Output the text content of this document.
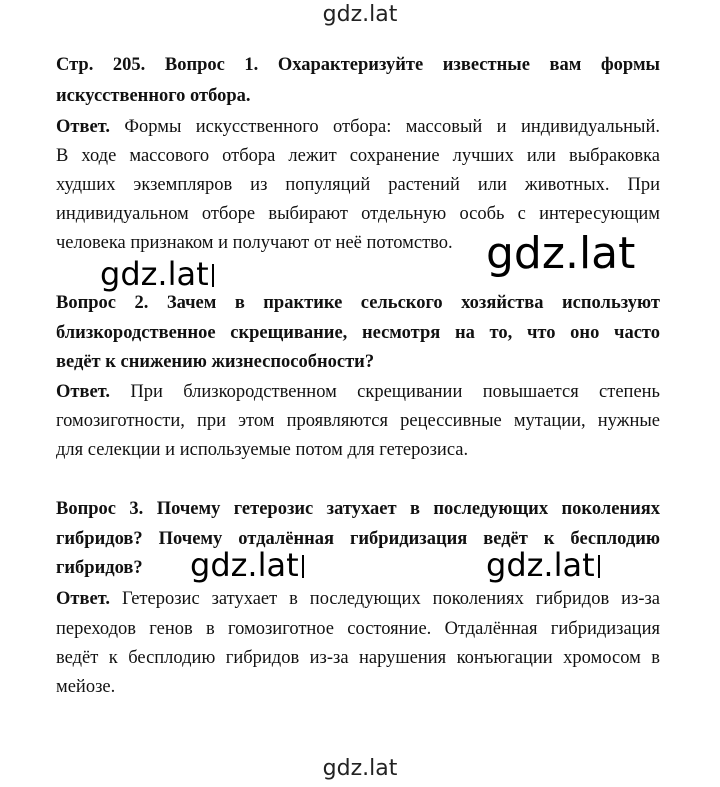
gdz.lat
Стр. 205. Вопрос 1. Охарактеризуйте известные вам формы
искусственного отбора.
Ответ. Формы искусственного отбора: массовый и индивидуальный.
В ходе массового отбора лежит сохранение лучших или выбраковка
худших экземпляров из популяций растений или животных. При
индивидуальном отборе выбирают отдельную особь с интересующим
человека признаком и получают от неё потомство. gdz.lat
gdz.lat
Вопрос 2. Зачем в практике сельского хозяйства используют
близкородственное скрещивание, несмотря на то, что оно часто
ведёт к снижению жизнеспособности?
Ответ. При близкородственном скрещивании повышается степень
гомозиготности, при этом проявляются рецессивные мутации, нужные
для селекции и используемые потом для гетерозиса.
Вопрос 3. Почему гетерозис затухает в последующих поколениях
гибридов? Почему отдалённая гибридизация ведёт к бесплодию
гибридов?	gdz.lat	gdz.lat
Ответ. Гетерозис затухает в последующих поколениях гибридов из-за
переходов генов в гомозиготное состояние. Отдалённая гибридизация
ведёт к бесплодию гибридов из-за нарушения конъюгации хромосом в
мейозе.
gdz.lat
